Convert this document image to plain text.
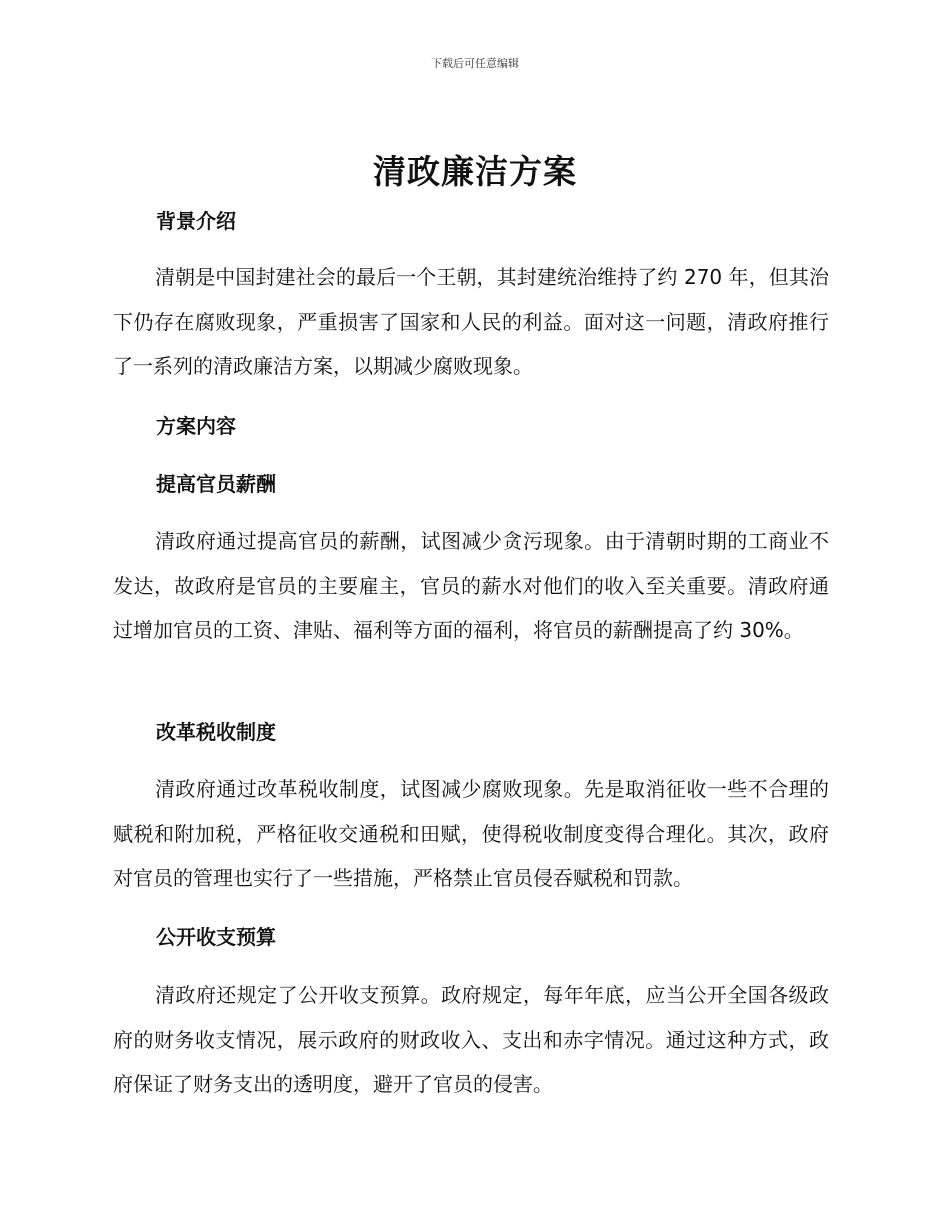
下载后可任意编辑
清政廉洁方案
背景介绍

清朝是中国封建社会的最后一个王朝，其封建统治维持了约 270 年，但其治下仍存在腐败现象，严重损害了国家和人民的利益。面对这一问题，清政府推行了一系列的清政廉洁方案，以期减少腐败现象。

方案内容
提高官员薪酬

清政府通过提高官员的薪酬，试图减少贪污现象。由于清朝时期的工商业不发达，故政府是官员的主要雇主，官员的薪水对他们的收入至关重要。清政府通过增加官员的工资、津贴、福利等方面的福利，将官员的薪酬提高了约 30%。

改革税收制度

清政府通过改革税收制度，试图减少腐败现象。先是取消征收一些不合理的赋税和附加税，严格征收交通税和田赋，使得税收制度变得合理化。其次，政府对官员的管理也实行了一些措施，严格禁止官员侵吞赋税和罚款。

公开收支预算

清政府还规定了公开收支预算。政府规定，每年年底，应当公开全国各级政府的财务收支情况，展示政府的财政收入、支出和赤字情况。通过这种方式，政府保证了财务支出的透明度，避开了官员的侵害。
